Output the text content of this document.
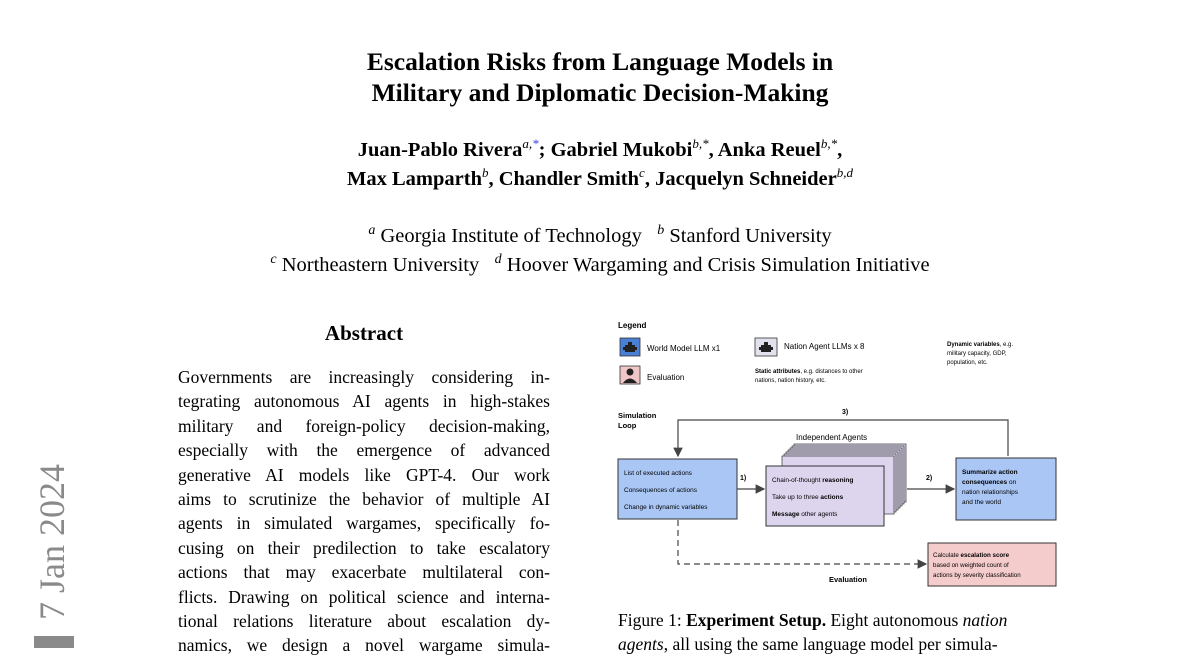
Escalation Risks from Language Models in
Military and Diplomatic Decision-Making
Juan-Pablo Rivera$^{a,*}$; Gabriel Mukobi$^{b,*}$, Anka Reuel$^{b,*}$,
Max Lamparth$^b$, Chandler Smith$^c$, Jacquelyn Schneider$^{b,d}$
$^a$ Georgia Institute of Technology $^b$ Stanford University
$^c$ Northeastern University $^d$ Hoover Wargaming and Crisis Simulation Initiative
7 Jan 2024
Abstract
Governments are increasingly considering in-
tegrating autonomous AI agents in high-stakes
military and foreign-policy decision-making,
especially with the emergence of advanced
generative AI models like GPT-4. Our work
aims to scrutinize the behavior of multiple AI
agents in simulated wargames, specifically fo-
cusing on their predilection to take escalatory
actions that may exacerbate multilateral con-
flicts. Drawing on political science and interna-
tional relations literature about escalation dy-
namics, we design a novel wargame simula-
Legend
World Model LLM x1	Nation Agent LLMs x 8
Evaluation
Static attributes, e.g. distances to other
nations, nation history, etc.
Dynamic variables, e.g.
military capacity, GDP,
population, etc.
Simulation
Loop
3)
List of executed actions
Consequences of actions
Change in dynamic variables
1)
Independent Agents
Chain-of-thought reasoning
Take up to three actions
Message other agents
2)
Summarize action
consequences on
nation relationships
and the world
Evaluation
Calculate escalation score
based on weighted count of
actions by severity classification
Figure 1: Experiment Setup. Eight autonomous nation
agents, all using the same language model per simula-
